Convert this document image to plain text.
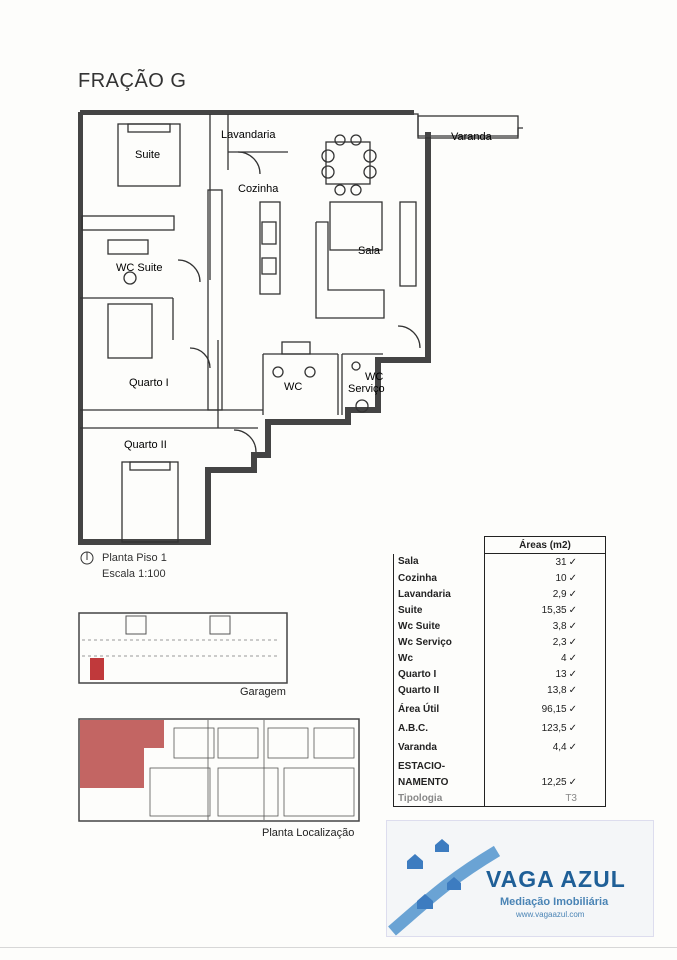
FRAÇÃO G
Suite
Lavandaria	Varanda
Cozinha
Sala
WC Suite
Quarto I	WC
WC
Serviço
Quarto II
Planta Piso 1
Escala 1:100
Garagem
Planta Localização
	Áreas (m2)
Sala	31 ✓
Cozinha	10 ✓
Lavandaria	2,9 ✓
Suite	15,35 ✓
Wc Suite	3,8 ✓
Wc Serviço	2,3 ✓
Wc	4 ✓
Quarto I	13 ✓
Quarto II	13,8 ✓
Área Útil	96,15 ✓
A.B.C.	123,5 ✓
Varanda	4,4 ✓
ESTACIO-	
NAMENTO	12,25 ✓
Tipologia	T3
VAGA AZUL
Mediação Imobiliária
www.vagaazul.com
